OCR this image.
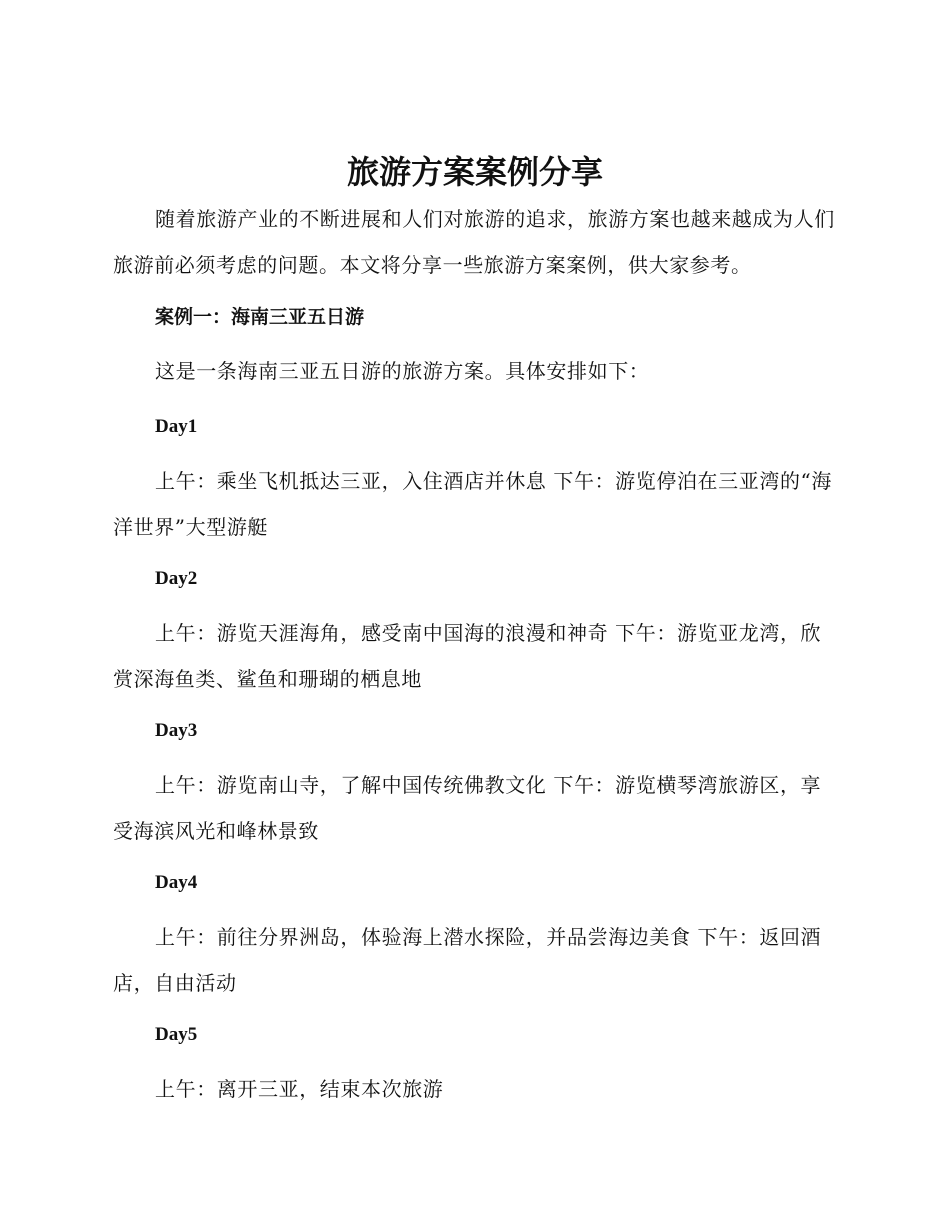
旅游方案案例分享

随着旅游产业的不断进展和人们对旅游的追求，旅游方案也越来越成为人们旅游前必须考虑的问题。本文将分享一些旅游方案案例，供大家参考。

案例一：海南三亚五日游

这是一条海南三亚五日游的旅游方案。具体安排如下：

Day1

上午：乘坐飞机抵达三亚，入住酒店并休息 下午：游览停泊在三亚湾的“海洋世界”大型游艇

Day2

上午：游览天涯海角，感受南中国海的浪漫和神奇 下午：游览亚龙湾，欣赏深海鱼类、鲨鱼和珊瑚的栖息地

Day3

上午：游览南山寺，了解中国传统佛教文化 下午：游览横琴湾旅游区，享受海滨风光和峰林景致

Day4

上午：前往分界洲岛，体验海上潜水探险，并品尝海边美食 下午：返回酒店，自由活动

Day5

上午：离开三亚，结束本次旅游
